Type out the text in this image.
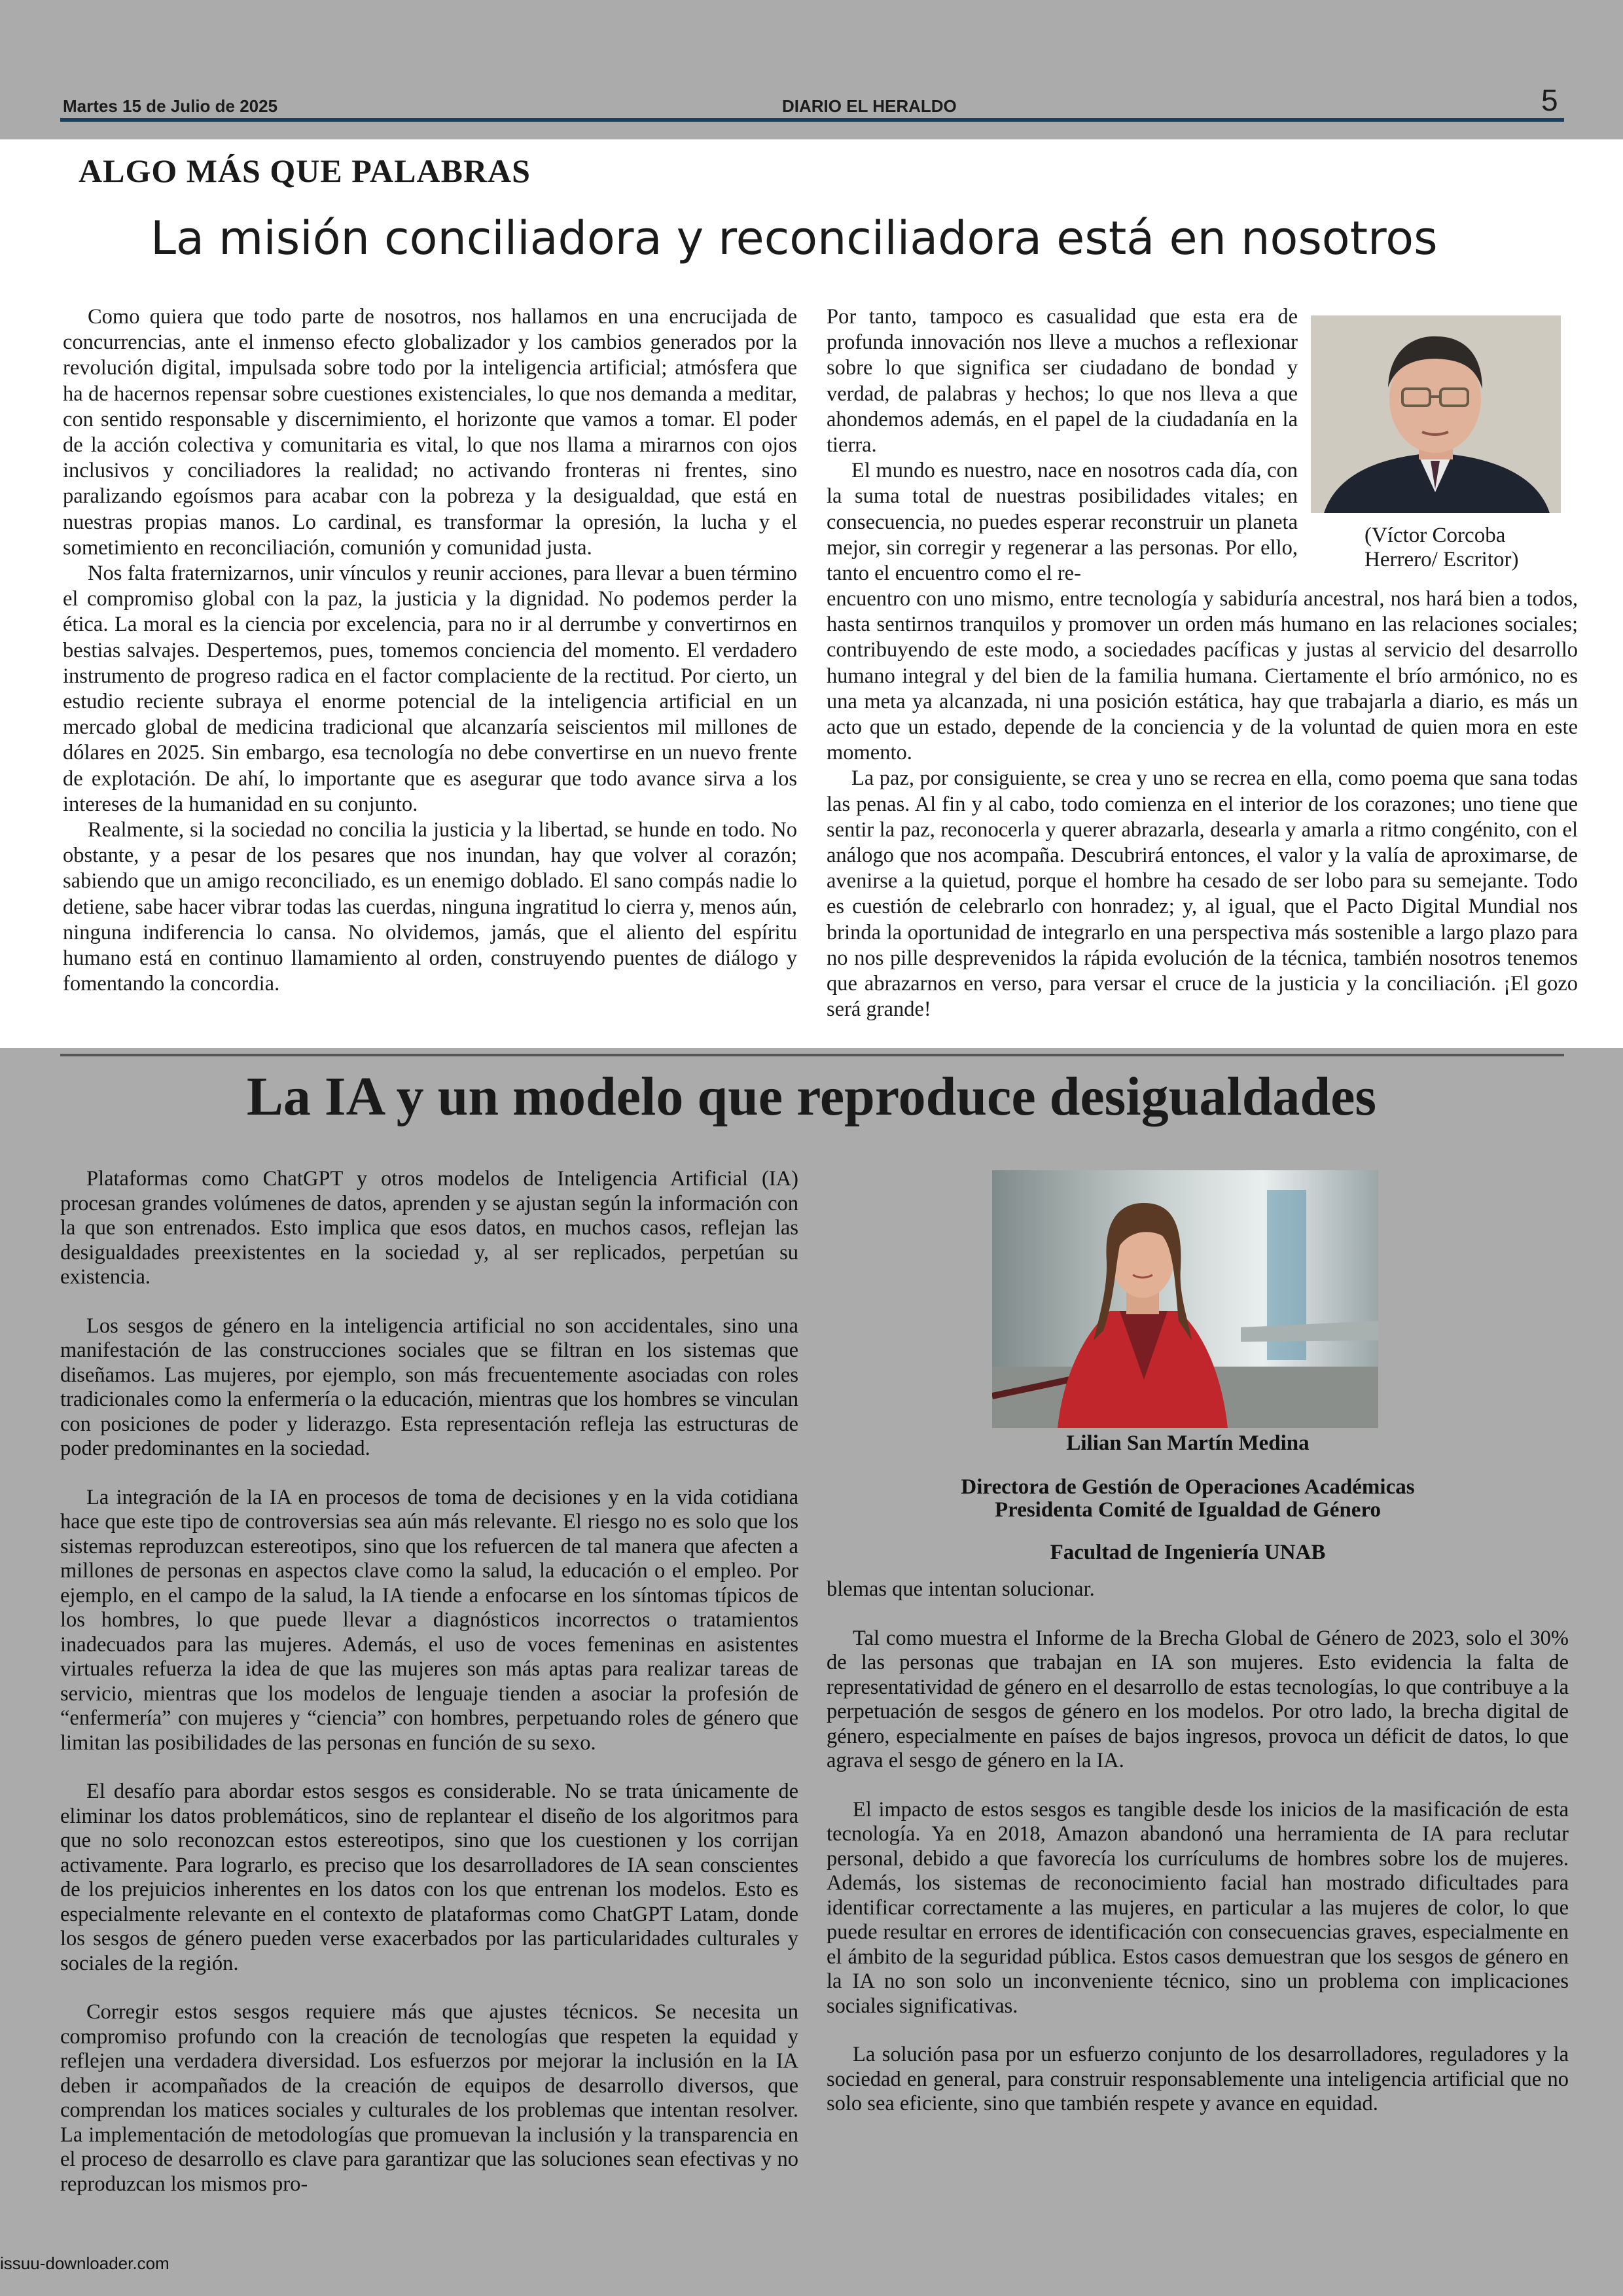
Martes 15 de Julio de 2025	DIARIO EL HERALDO	5
ALGO MÁS QUE PALABRAS
La misión conciliadora y reconciliadora está en nosotros

Como quiera que todo parte de nosotros, nos hallamos en una encrucijada de concurrencias, ante el inmenso efecto globalizador y los cambios generados por la revolución digital, impulsada sobre todo por la inteligencia artificial; atmósfera que ha de hacernos repensar sobre cuestiones existenciales, lo que nos demanda a meditar, con sentido responsable y discernimiento, el horizonte que vamos a tomar. El poder de la acción colectiva y comunitaria es vital, lo que nos llama a mirarnos con ojos inclusivos y conciliadores la realidad; no activando fronteras ni frentes, sino paralizando egoísmos para acabar con la pobreza y la desigualdad, que está en nuestras propias manos. Lo cardinal, es transformar la opresión, la lucha y el sometimiento en reconciliación, comunión y comunidad justa.

Nos falta fraternizarnos, unir vínculos y reunir acciones, para llevar a buen término el compromiso global con la paz, la justicia y la dignidad. No podemos perder la ética. La moral es la ciencia por excelencia, para no ir al derrumbe y convertirnos en bestias salvajes. Despertemos, pues, tomemos conciencia del momento. El verdadero instrumento de progreso radica en el factor complaciente de la rectitud. Por cierto, un estudio reciente subraya el enorme potencial de la inteligencia artificial en un mercado global de medicina tradicional que alcanzaría seiscientos mil millones de dólares en 2025. Sin embargo, esa tecnología no debe convertirse en un nuevo frente de explotación. De ahí, lo importante que es asegurar que todo avance sirva a los intereses de la humanidad en su conjunto.

Realmente, si la sociedad no concilia la justicia y la libertad, se hunde en todo. No obstante, y a pesar de los pesares que nos inundan, hay que volver al corazón; sabiendo que un amigo reconciliado, es un enemigo doblado. El sano compás nadie lo detiene, sabe hacer vibrar todas las cuerdas, ninguna ingratitud lo cierra y, menos aún, ninguna indiferencia lo cansa. No olvidemos, jamás, que el aliento del espíritu humano está en continuo llamamiento al orden, construyendo puentes de diálogo y fomentando la concordia.

Por tanto, tampoco es casualidad que esta era de profunda innovación nos lleve a muchos a reflexionar sobre lo que significa ser ciudadano de bondad y verdad, de palabras y hechos; lo que nos lleva a que ahondemos además, en el papel de la ciudadanía en la tierra.

El mundo es nuestro, nace en nosotros cada día, con la suma total de nuestras posibilidades vitales; en consecuencia, no puedes esperar reconstruir un planeta mejor, sin corregir y regenerar a las personas. Por ello, tanto el encuentro como el re-

(Víctor Corcoba
Herrero/ Escritor)

encuentro con uno mismo, entre tecnología y sabiduría ancestral, nos hará bien a todos, hasta sentirnos tranquilos y promover un orden más humano en las relaciones sociales; contribuyendo de este modo, a sociedades pacíficas y justas al servicio del desarrollo humano integral y del bien de la familia humana. Ciertamente el brío armónico, no es una meta ya alcanzada, ni una posición estática, hay que trabajarla a diario, es más un acto que un estado, depende de la conciencia y de la voluntad de quien mora en este momento.

La paz, por consiguiente, se crea y uno se recrea en ella, como poema que sana todas las penas. Al fin y al cabo, todo comienza en el interior de los corazones; uno tiene que sentir la paz, reconocerla y querer abrazarla, desearla y amarla a ritmo congénito, con el análogo que nos acompaña. Descubrirá entonces, el valor y la valía de aproximarse, de avenirse a la quietud, porque el hombre ha cesado de ser lobo para su semejante. Todo es cuestión de celebrarlo con honradez; y, al igual, que el Pacto Digital Mundial nos brinda la oportunidad de integrarlo en una perspectiva más sostenible a largo plazo para no nos pille desprevenidos la rápida evolución de la técnica, también nosotros tenemos que abrazarnos en verso, para versar el cruce de la justicia y la conciliación. ¡El gozo será grande!

La IA y un modelo que reproduce desigualdades

Plataformas como ChatGPT y otros modelos de Inteligencia Artificial (IA) procesan grandes volúmenes de datos, aprenden y se ajustan según la información con la que son entrenados. Esto implica que esos datos, en muchos casos, reflejan las desigualdades preexistentes en la sociedad y, al ser replicados, perpetúan su existencia.

Los sesgos de género en la inteligencia artificial no son accidentales, sino una manifestación de las construcciones sociales que se filtran en los sistemas que diseñamos. Las mujeres, por ejemplo, son más frecuentemente asociadas con roles tradicionales como la enfermería o la educación, mientras que los hombres se vinculan con posiciones de poder y liderazgo. Esta representación refleja las estructuras de poder predominantes en la sociedad.

La integración de la IA en procesos de toma de decisiones y en la vida cotidiana hace que este tipo de controversias sea aún más relevante. El riesgo no es solo que los sistemas reproduzcan estereotipos, sino que los refuercen de tal manera que afecten a millones de personas en aspectos clave como la salud, la educación o el empleo. Por ejemplo, en el campo de la salud, la IA tiende a enfocarse en los síntomas típicos de los hombres, lo que puede llevar a diagnósticos incorrectos o tratamientos inadecuados para las mujeres. Además, el uso de voces femeninas en asistentes virtuales refuerza la idea de que las mujeres son más aptas para realizar tareas de servicio, mientras que los modelos de lenguaje tienden a asociar la profesión de “enfermería” con mujeres y “ciencia” con hombres, perpetuando roles de género que limitan las posibilidades de las personas en función de su sexo.

El desafío para abordar estos sesgos es considerable. No se trata únicamente de eliminar los datos problemáticos, sino de replantear el diseño de los algoritmos para que no solo reconozcan estos estereotipos, sino que los cuestionen y los corrijan activamente. Para lograrlo, es preciso que los desarrolladores de IA sean conscientes de los prejuicios inherentes en los datos con los que entrenan los modelos. Esto es especialmente relevante en el contexto de plataformas como ChatGPT Latam, donde los sesgos de género pueden verse exacerbados por las particularidades culturales y sociales de la región.

Corregir estos sesgos requiere más que ajustes técnicos. Se necesita un compromiso profundo con la creación de tecnologías que respeten la equidad y reflejen una verdadera diversidad. Los esfuerzos por mejorar la inclusión en la IA deben ir acompañados de la creación de equipos de desarrollo diversos, que comprendan los matices sociales y culturales de los problemas que intentan resolver. La implementación de metodologías que promuevan la inclusión y la transparencia en el proceso de desarrollo es clave para garantizar que las soluciones sean efectivas y no reproduzcan los mismos pro-

Lilian San Martín Medina
Directora de Gestión de Operaciones Académicas
Presidenta Comité de Igualdad de Género
Facultad de Ingeniería UNAB

blemas que intentan solucionar.

Tal como muestra el Informe de la Brecha Global de Género de 2023, solo el 30% de las personas que trabajan en IA son mujeres. Esto evidencia la falta de representatividad de género en el desarrollo de estas tecnologías, lo que contribuye a la perpetuación de sesgos de género en los modelos. Por otro lado, la brecha digital de género, especialmente en países de bajos ingresos, provoca un déficit de datos, lo que agrava el sesgo de género en la IA.

El impacto de estos sesgos es tangible desde los inicios de la masificación de esta tecnología. Ya en 2018, Amazon abandonó una herramienta de IA para reclutar personal, debido a que favorecía los currículums de hombres sobre los de mujeres. Además, los sistemas de reconocimiento facial han mostrado dificultades para identificar correctamente a las mujeres, en particular a las mujeres de color, lo que puede resultar en errores de identificación con consecuencias graves, especialmente en el ámbito de la seguridad pública. Estos casos demuestran que los sesgos de género en la IA no son solo un inconveniente técnico, sino un problema con implicaciones sociales significativas.

La solución pasa por un esfuerzo conjunto de los desarrolladores, reguladores y la sociedad en general, para construir responsablemente una inteligencia artificial que no solo sea eficiente, sino que también respete y avance en equidad.

issuu-downloader.com
